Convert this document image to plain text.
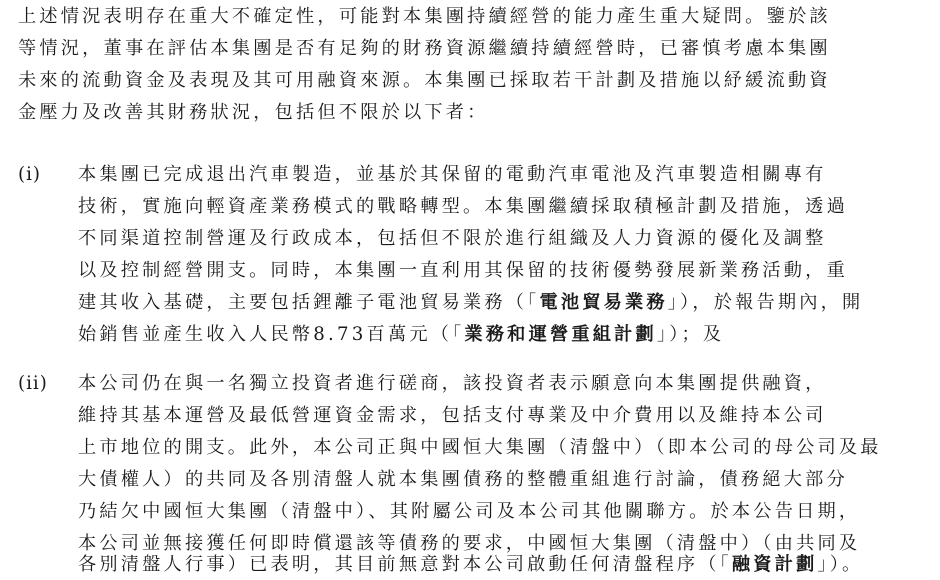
上述情況表明存在重大不確定性，可能對本集團持續經營的能力產生重大疑問。鑒於該
等情況，董事在評估本集團是否有足夠的財務資源繼續持續經營時，已審慎考慮本集團
未來的流動資金及表現及其可用融資來源。本集團已採取若干計劃及措施以紓緩流動資
金壓力及改善其財務狀況，包括但不限於以下者：
(i) 本集團已完成退出汽車製造，並基於其保留的電動汽車電池及汽車製造相關專有
技術，實施向輕資產業務模式的戰略轉型。本集團繼續採取積極計劃及措施，透過
不同渠道控制營運及行政成本，包括但不限於進行組織及人力資源的優化及調整
以及控制經營開支。同時，本集團一直利用其保留的技術優勢發展新業務活動，重
建其收入基礎，主要包括鋰離子電池貿易業務（「電池貿易業務」），於報告期內，開
始銷售並產生收入人民幣8.73百萬元（「業務和運營重組計劃」）；及
(ii) 本公司仍在與一名獨立投資者進行磋商，該投資者表示願意向本集團提供融資，
維持其基本運營及最低營運資金需求，包括支付專業及中介費用以及維持本公司
上市地位的開支。此外，本公司正與中國恒大集團（清盤中）（即本公司的母公司及最
大債權人）的共同及各別清盤人就本集團債務的整體重組進行討論，債務絕大部分
乃結欠中國恒大集團（清盤中）、其附屬公司及本公司其他關聯方。於本公告日期，
本公司並無接獲任何即時償還該等債務的要求，中國恒大集團（清盤中）（由共同及
各別清盤人行事）已表明，其目前無意對本公司啟動任何清盤程序（「融資計劃」）。
